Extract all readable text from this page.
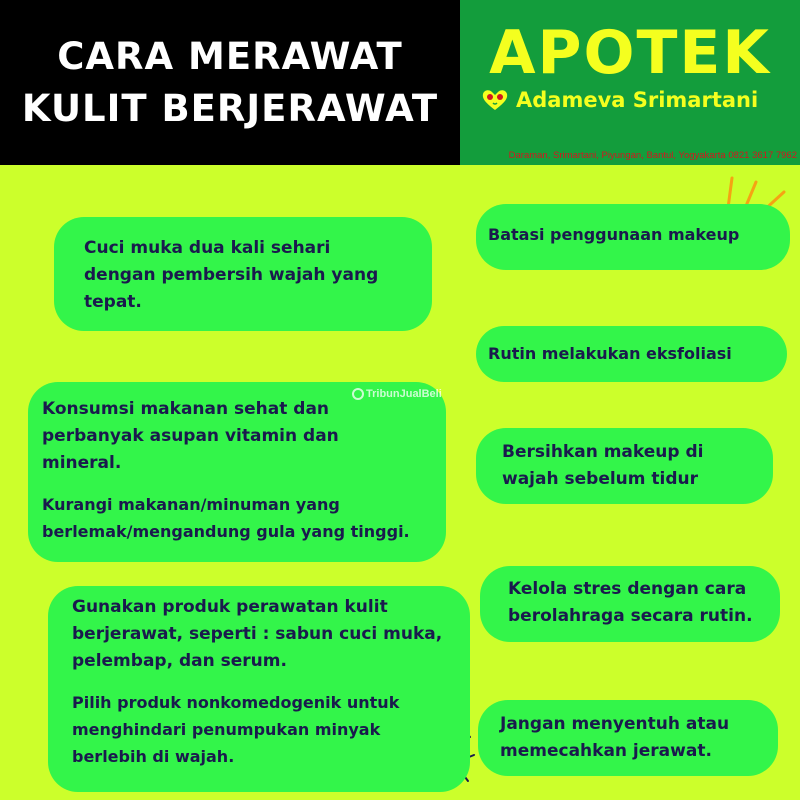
CARA MERAWAT
KULIT BERJERAWAT
APOTEK
Adameva Srimartani
Daraman, Srimartani, Piyungan, Bantul, Yogyakarta 0821 3617 7962

Cuci muka dua kali sehari
dengan pembersih wajah yang
tepat.

Konsumsi makanan sehat dan
perbanyak asupan vitamin dan
mineral.

Kurangi makanan/minuman yang
berlemak/mengandung gula yang tinggi.

Gunakan produk perawatan kulit
berjerawat, seperti : sabun cuci muka,
pelembap, dan serum.

Pilih produk nonkomedogenik untuk
menghindari penumpukan minyak
berlebih di wajah.

Batasi penggunaan makeup

Rutin melakukan eksfoliasi

Bersihkan makeup di
wajah sebelum tidur

Kelola stres dengan cara
berolahraga secara rutin.

Jangan menyentuh atau
memecahkan jerawat.

TribunJualBeli
